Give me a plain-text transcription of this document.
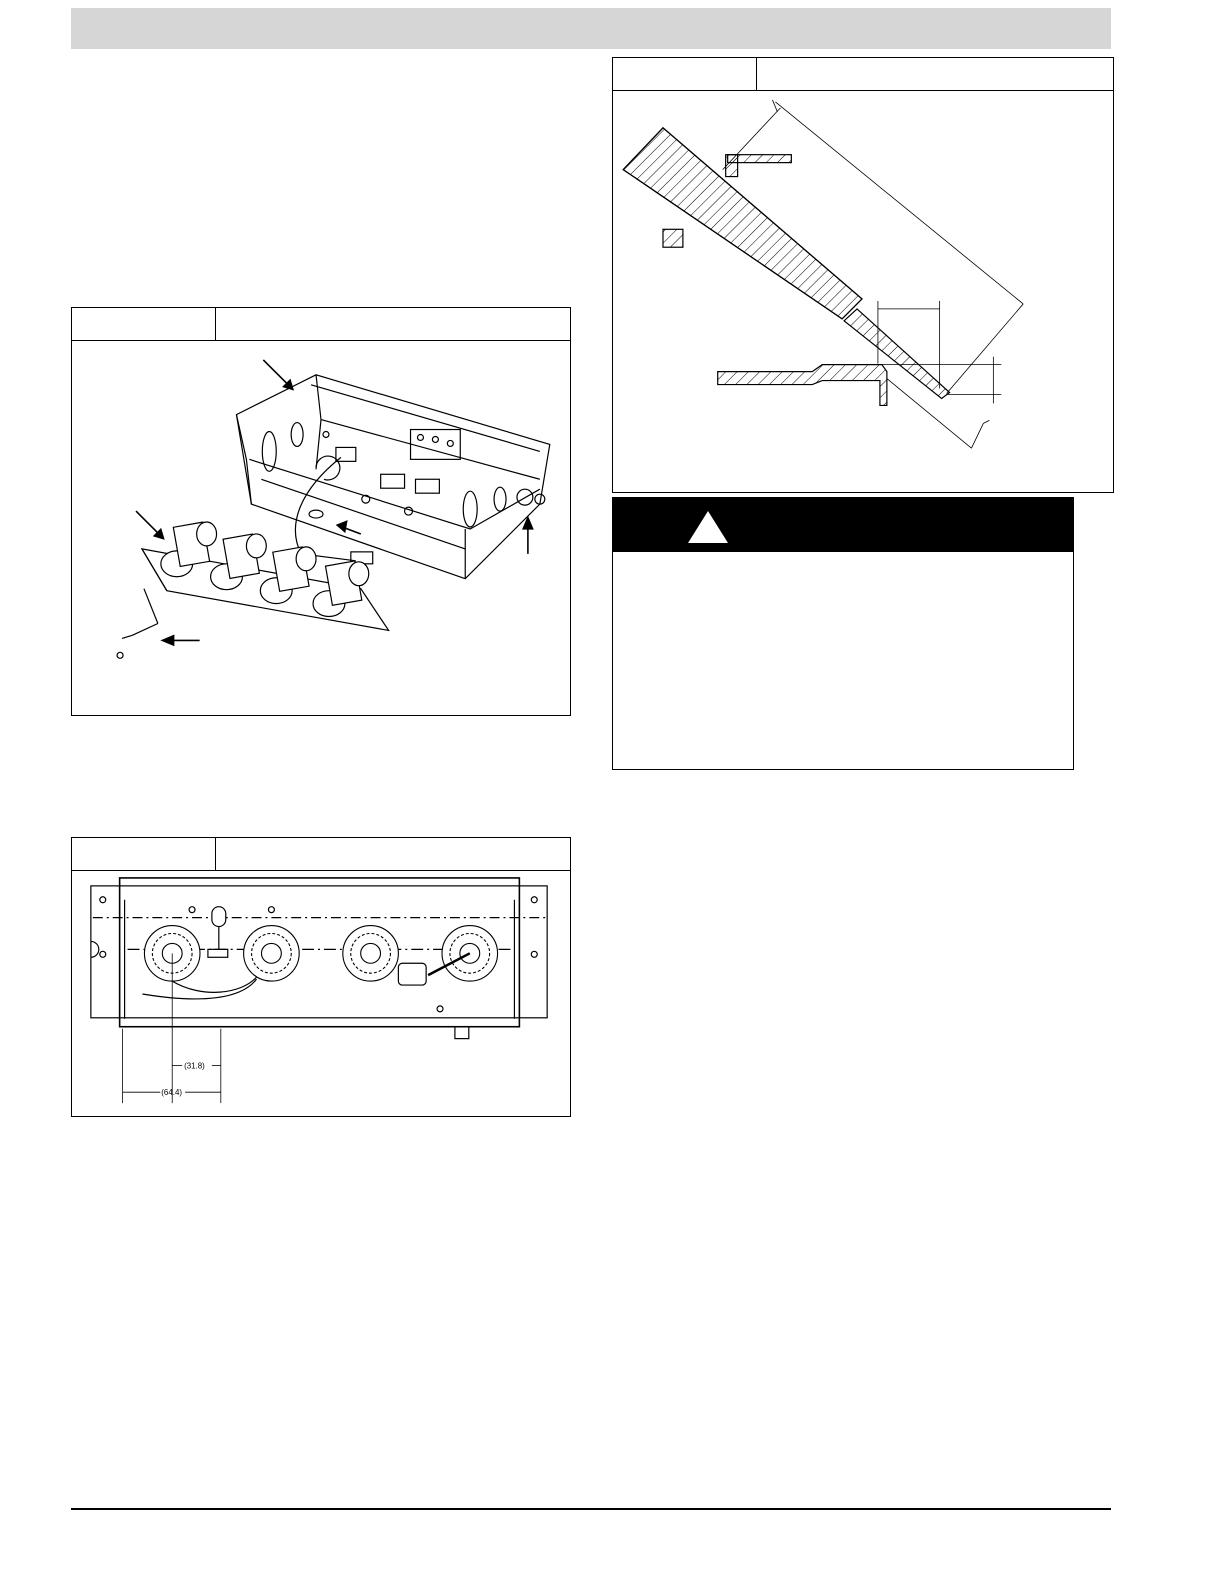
(31.8)
(64.4)
